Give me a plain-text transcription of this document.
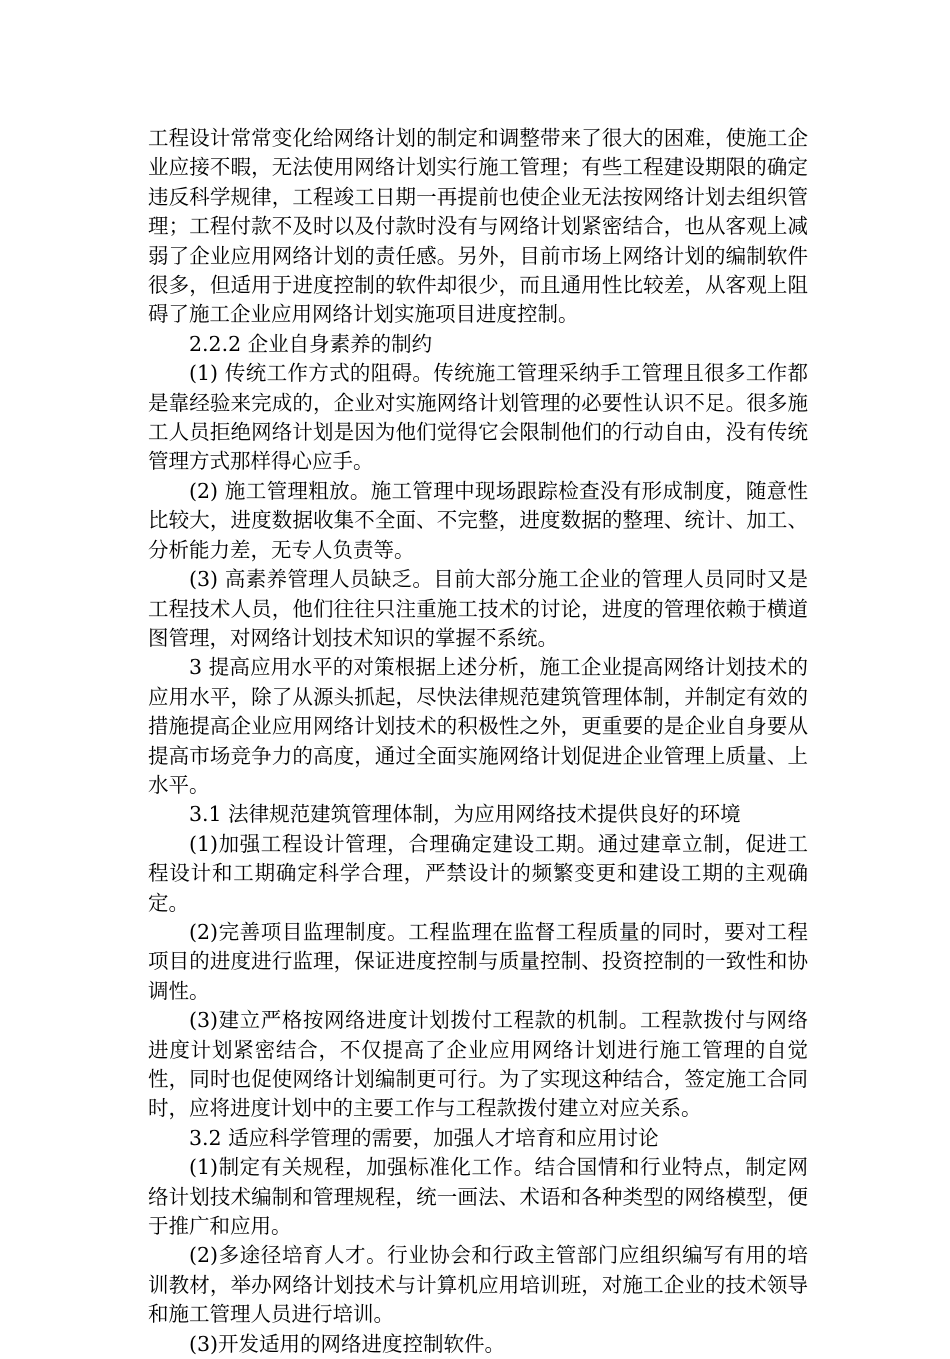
工程设计常常变化给网络计划的制定和调整带来了很大的困难，使施工企业应接不暇，无法使用网络计划实行施工管理；有些工程建设期限的确定违反科学规律，工程竣工日期一再提前也使企业无法按网络计划去组织管理；工程付款不及时以及付款时没有与网络计划紧密结合，也从客观上减弱了企业应用网络计划的责任感。另外，目前市场上网络计划的编制软件很多，但适用于进度控制的软件却很少，而且通用性比较差，从客观上阻碍了施工企业应用网络计划实施项目进度控制。

2.2.2 企业自身素养的制约

(1) 传统工作方式的阻碍。传统施工管理采纳手工管理且很多工作都是靠经验来完成的，企业对实施网络计划管理的必要性认识不足。很多施工人员拒绝网络计划是因为他们觉得它会限制他们的行动自由，没有传统管理方式那样得心应手。

(2) 施工管理粗放。施工管理中现场跟踪检查没有形成制度，随意性比较大，进度数据收集不全面、不完整，进度数据的整理、统计、加工、分析能力差，无专人负责等。

(3) 高素养管理人员缺乏。目前大部分施工企业的管理人员同时又是工程技术人员，他们往往只注重施工技术的讨论，进度的管理依赖于横道图管理，对网络计划技术知识的掌握不系统。

3 提高应用水平的对策根据上述分析，施工企业提高网络计划技术的应用水平，除了从源头抓起，尽快法律规范建筑管理体制，并制定有效的措施提高企业应用网络计划技术的积极性之外，更重要的是企业自身要从提高市场竞争力的高度，通过全面实施网络计划促进企业管理上质量、上水平。

3.1 法律规范建筑管理体制，为应用网络技术提供良好的环境

(1)加强工程设计管理，合理确定建设工期。通过建章立制，促进工程设计和工期确定科学合理，严禁设计的频繁变更和建设工期的主观确定。

(2)完善项目监理制度。工程监理在监督工程质量的同时，要对工程项目的进度进行监理，保证进度控制与质量控制、投资控制的一致性和协调性。

(3)建立严格按网络进度计划拨付工程款的机制。工程款拨付与网络进度计划紧密结合，不仅提高了企业应用网络计划进行施工管理的自觉性，同时也促使网络计划编制更可行。为了实现这种结合，签定施工合同时，应将进度计划中的主要工作与工程款拨付建立对应关系。

3.2 适应科学管理的需要，加强人才培育和应用讨论

(1)制定有关规程，加强标准化工作。结合国情和行业特点，制定网络计划技术编制和管理规程，统一画法、术语和各种类型的网络模型，便于推广和应用。

(2)多途径培育人才。行业协会和行政主管部门应组织编写有用的培训教材，举办网络计划技术与计算机应用培训班，对施工企业的技术领导和施工管理人员进行培训。

(3)开发适用的网络进度控制软件。
